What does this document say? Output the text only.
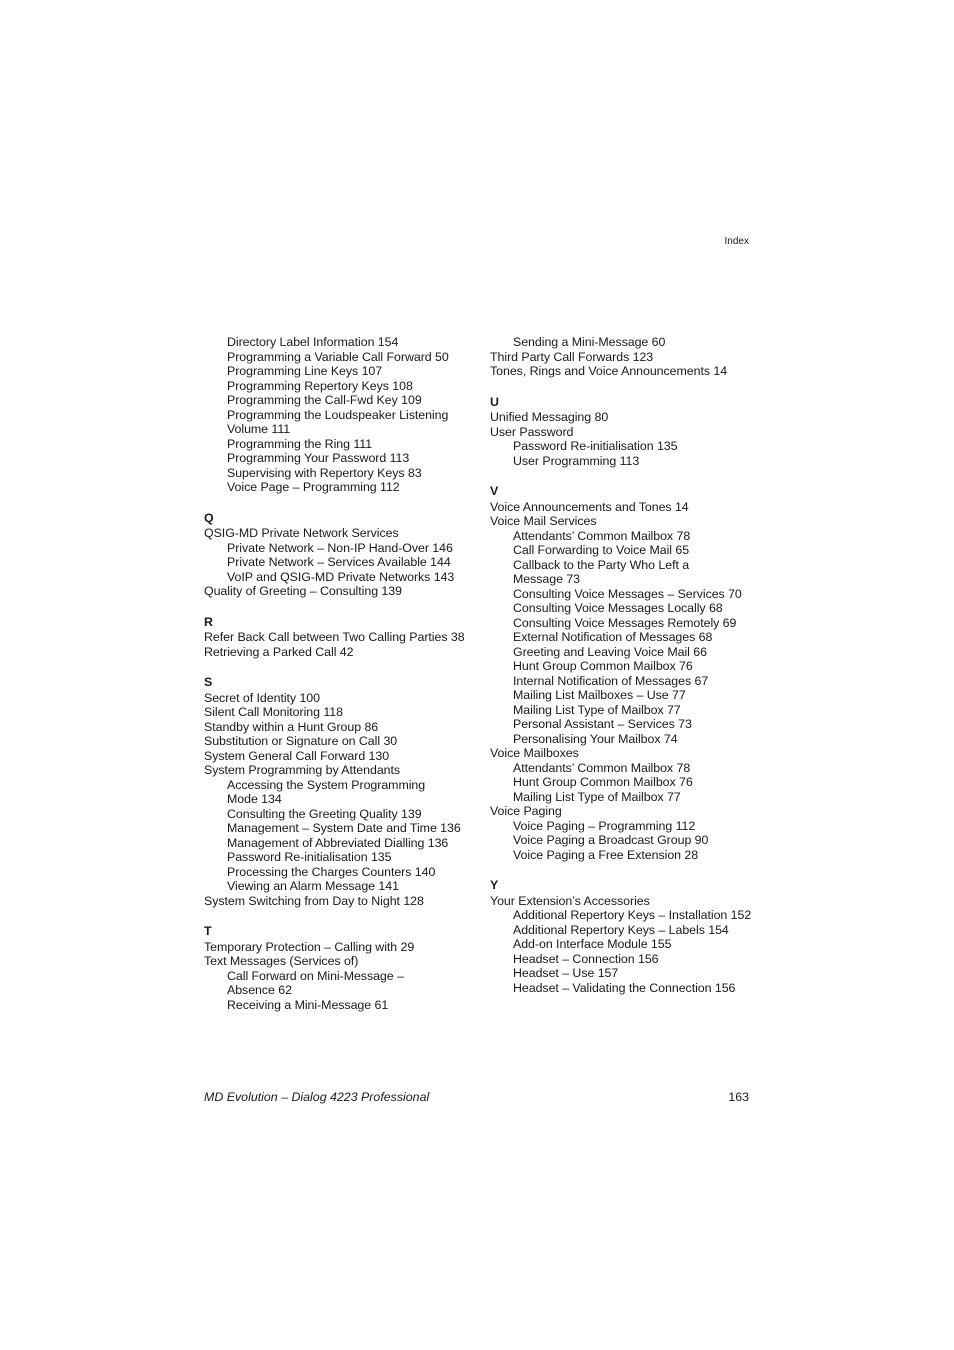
Index
Directory Label Information 154
Programming a Variable Call Forward 50
Programming Line Keys 107
Programming Repertory Keys 108
Programming the Call-Fwd Key 109
Programming the Loudspeaker Listening
Volume 111
Programming the Ring 111
Programming Your Password 113
Supervising with Repertory Keys 83
Voice Page – Programming 112
Q
QSIG-MD Private Network Services
Private Network – Non-IP Hand-Over 146
Private Network – Services Available 144
VoIP and QSIG-MD Private Networks 143
Quality of Greeting – Consulting 139
R
Refer Back Call between Two Calling Parties 38
Retrieving a Parked Call 42
S
Secret of Identity 100
Silent Call Monitoring 118
Standby within a Hunt Group 86
Substitution or Signature on Call 30
System General Call Forward 130
System Programming by Attendants
Accessing the System Programming
Mode 134
Consulting the Greeting Quality 139
Management – System Date and Time 136
Management of Abbreviated Dialling 136
Password Re-initialisation 135
Processing the Charges Counters 140
Viewing an Alarm Message 141
System Switching from Day to Night 128
T
Temporary Protection – Calling with 29
Text Messages (Services of)
Call Forward on Mini-Message –
Absence 62
Receiving a Mini-Message 61
Sending a Mini-Message 60
Third Party Call Forwards 123
Tones, Rings and Voice Announcements 14
U
Unified Messaging 80
User Password
Password Re-initialisation 135
User Programming 113
V
Voice Announcements and Tones 14
Voice Mail Services
Attendants’ Common Mailbox 78
Call Forwarding to Voice Mail 65
Callback to the Party Who Left a
Message 73
Consulting Voice Messages – Services 70
Consulting Voice Messages Locally 68
Consulting Voice Messages Remotely 69
External Notification of Messages 68
Greeting and Leaving Voice Mail 66
Hunt Group Common Mailbox 76
Internal Notification of Messages 67
Mailing List Mailboxes – Use 77
Mailing List Type of Mailbox 77
Personal Assistant – Services 73
Personalising Your Mailbox 74
Voice Mailboxes
Attendants’ Common Mailbox 78
Hunt Group Common Mailbox 76
Mailing List Type of Mailbox 77
Voice Paging
Voice Paging – Programming 112
Voice Paging a Broadcast Group 90
Voice Paging a Free Extension 28
Y
Your Extension’s Accessories
Additional Repertory Keys – Installation 152
Additional Repertory Keys – Labels 154
Add-on Interface Module 155
Headset – Connection 156
Headset – Use 157
Headset – Validating the Connection 156
MD Evolution – Dialog 4223 Professional	163
